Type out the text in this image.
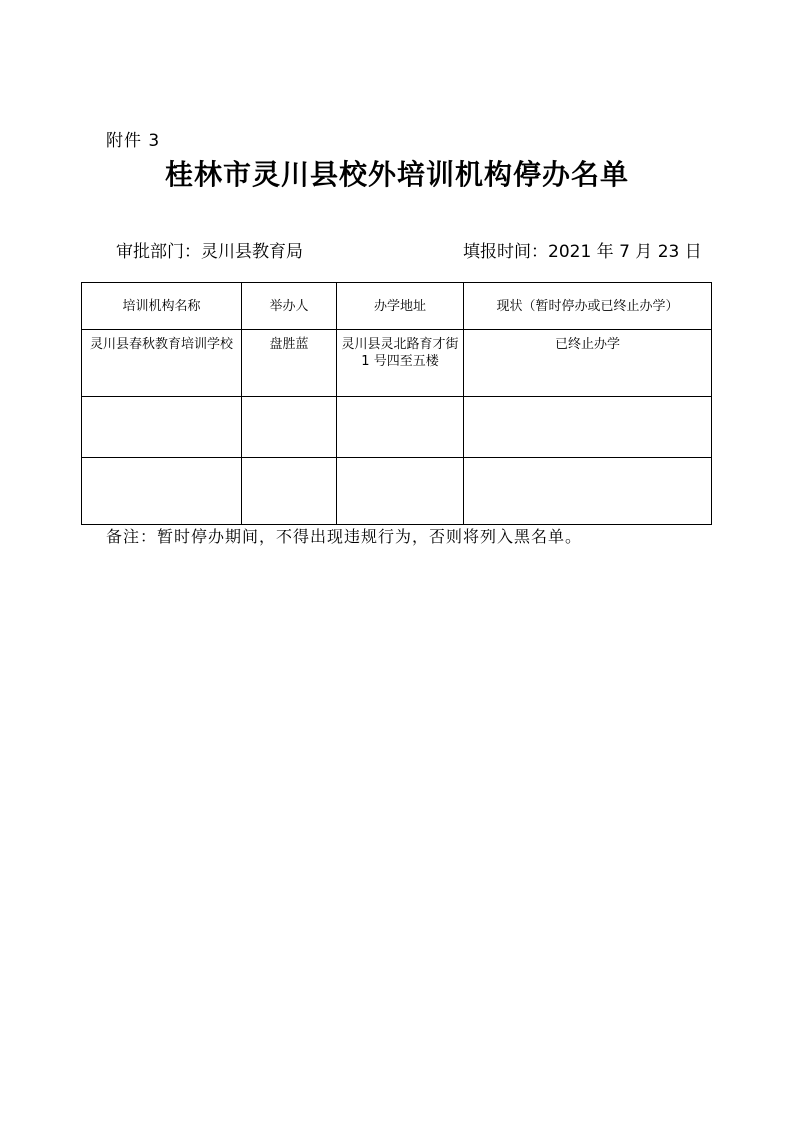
附件 3
桂林市灵川县校外培训机构停办名单
审批部门：灵川县教育局	填报时间：2021 年 7 月 23 日
培训机构名称	举办人	办学地址	现状（暂时停办或已终止办学）
灵川县春秋教育培训学校	盘胜蓝	灵川县灵北路育才街 1 号四至五楼	已终止办学

备注：暂时停办期间，不得出现违规行为，否则将列入黑名单。
